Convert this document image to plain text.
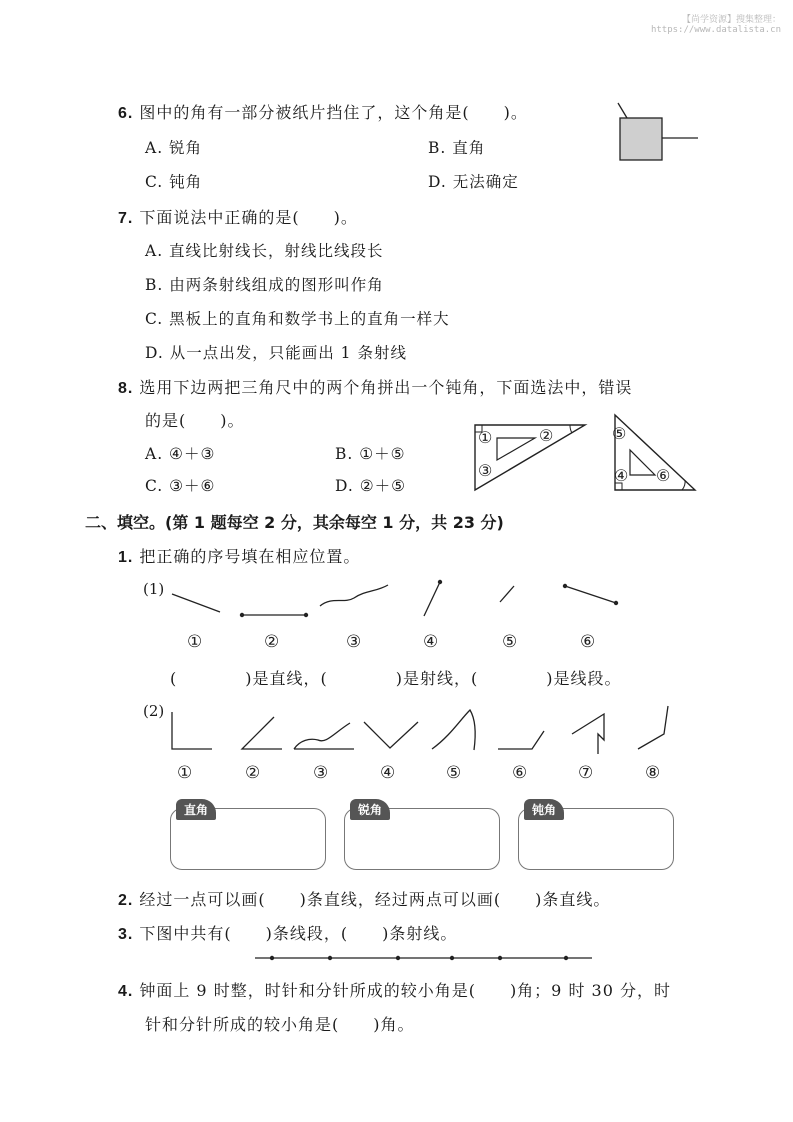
【尚学资源】搜集整理：
https://www.datalista.cn
6. 图中的角有一部分被纸片挡住了，这个角是(　　)。
A. 锐角	B. 直角
C. 钝角	D. 无法确定
7. 下面说法中正确的是(　　)。
A. 直线比射线长，射线比线段长
B. 由两条射线组成的图形叫作角
C. 黑板上的直角和数学书上的直角一样大
D. 从一点出发，只能画出 1 条射线
8. 选用下边两把三角尺中的两个角拼出一个钝角，下面选法中，错误
的是(　　)。
A. ④＋③	B. ①＋⑤
C. ③＋⑥	D. ②＋⑤
①	②
③
⑤
④ ⑥
二、填空。(第 1 题每空 2 分，其余每空 1 分，共 23 分)
1. 把正确的序号填在相应位置。
(1)
①	②	③	④	⑤	⑥
(　　　　)是直线，(　　　　)是射线，(　　　　)是线段。
(2)
①	②	③	④	⑤	⑥	⑦	⑧
直角	锐角	钝角
2. 经过一点可以画(　　)条直线，经过两点可以画(　　)条直线。
3. 下图中共有(　　)条线段，(　　)条射线。
4. 钟面上 9 时整，时针和分针所成的较小角是(　　)角；9 时 30 分，时
针和分针所成的较小角是(　　)角。
